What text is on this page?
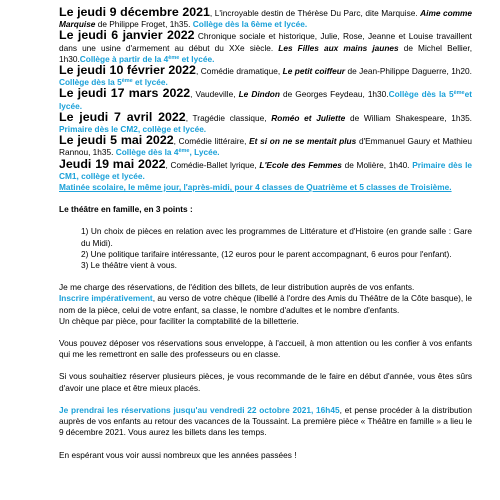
Le jeudi 9 décembre 2021, L'incroyable destin de Thérèse Du Parc, dite Marquise. Aime comme Marquise de Philippe Froget, 1h35. Collège dès la 6ème et lycée.

Le jeudi 6 janvier 2022 Chronique sociale et historique, Julie, Rose, Jeanne et Louise travaillent dans une usine d'armement au début du XXe siècle. Les Filles aux mains jaunes de Michel Bellier, 1h30.Collège à partir de la 4ème et lycée.

Le jeudi 10 février 2022, Comédie dramatique, Le petit coiffeur de Jean-Philippe Daguerre, 1h20. Collège dès la 5ème et lycée.

Le jeudi 17 mars 2022, Vaudeville, Le Dindon de Georges Feydeau, 1h30.Collège dès la 5èmeet lycée.

Le jeudi 7 avril 2022, Tragédie classique, Roméo et Juliette de William Shakespeare, 1h35. Primaire dès le CM2, collège et lycée.

Le jeudi 5 mai 2022, Comédie littéraire, Et si on ne se mentait plus d'Emmanuel Gaury et Mathieu Rannou, 1h35. Collège dès la 4ème, Lycée.

Jeudi 19 mai 2022, Comédie-Ballet lyrique, L'Ecole des Femmes de Molière, 1h40. Primaire dès le CM1, collège et lycée.

Matinée scolaire, le même jour, l'après-midi, pour 4 classes de Quatrième et 5 classes de Troisième.

Le théâtre en famille, en 3 points :

1) Un choix de pièces en relation avec les programmes de Littérature et d'Histoire (en grande salle : Gare du Midi).

2) Une politique tarifaire intéressante, (12 euros pour le parent accompagnant, 6 euros pour l'enfant).

3) Le théâtre vient à vous.

Je me charge des réservations, de l'édition des billets, de leur distribution auprès de vos enfants.

Inscrire impérativement, au verso de votre chèque (libellé à l'ordre des Amis du Théâtre de la Côte basque), le nom de la pièce, celui de votre enfant, sa classe, le nombre d'adultes et le nombre d'enfants.

Un chèque par pièce, pour faciliter la comptabilité de la billetterie.

Vous pouvez déposer vos réservations sous enveloppe, à l'accueil, à mon attention ou les confier à vos enfants qui me les remettront en salle des professeurs ou en classe.

Si vous souhaitiez réserver plusieurs pièces, je vous recommande de le faire en début d'année, vous êtes sûrs d'avoir une place et être mieux placés.

Je prendrai les réservations jusqu'au vendredi 22 octobre 2021, 16h45, et pense procéder à la distribution auprès de vos enfants au retour des vacances de la Toussaint. La première pièce « Théâtre en famille » a lieu le 9 décembre 2021. Vous aurez les billets dans les temps.

En espérant vous voir aussi nombreux que les années passées !
